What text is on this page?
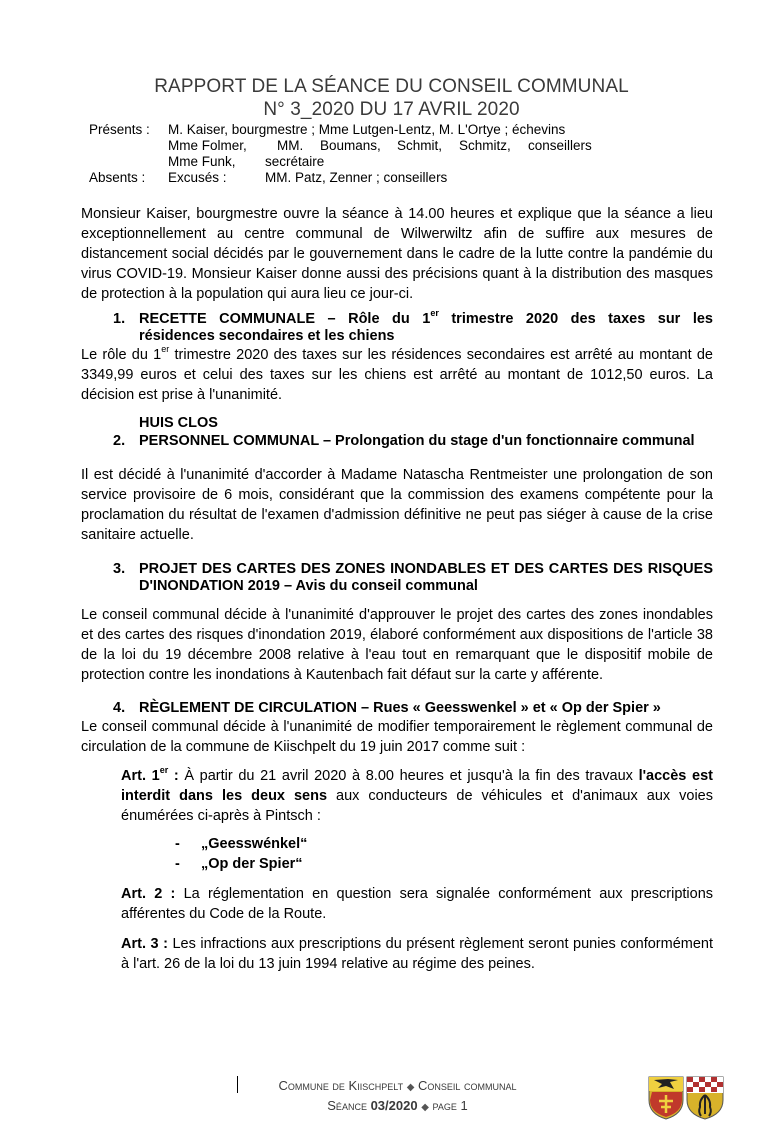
RAPPORT DE LA SÉANCE DU CONSEIL COMMUNAL
N° 3_2020 DU 17 AVRIL 2020
Présents : M. Kaiser, bourgmestre ; Mme Lutgen-Lentz, M. L'Ortye ; échevins
Mme Folmer, MM. Boumans, Schmit, Schmitz, conseillers
Mme Funk, secrétaire
Absents : Excusés :	MM. Patz, Zenner ; conseillers
Monsieur Kaiser, bourgmestre ouvre la séance à 14.00 heures et explique que la séance a lieu exceptionnellement au centre communal de Wilwerwiltz afin de suffire aux mesures de distancement social décidés par le gouvernement dans le cadre de la lutte contre la pandémie du virus COVID-19. Monsieur Kaiser donne aussi des précisions quant à la distribution des masques de protection à la population qui aura lieu ce jour-ci.
1. RECETTE COMMUNALE – Rôle du 1er trimestre 2020 des taxes sur les
résidences secondaires et les chiens
Le rôle du 1er trimestre 2020 des taxes sur les résidences secondaires est arrêté au montant de 3349,99 euros et celui des taxes sur les chiens est arrêté au montant de 1012,50 euros. La décision est prise à l'unanimité.
HUIS CLOS
2. PERSONNEL COMMUNAL – Prolongation du stage d'un fonctionnaire communal
Il est décidé à l'unanimité d'accorder à Madame Natascha Rentmeister une prolongation de son service provisoire de 6 mois, considérant que la commission des examens compétente pour la proclamation du résultat de l'examen d'admission définitive ne peut pas siéger à cause de la crise sanitaire actuelle.
3. PROJET DES CARTES DES ZONES INONDABLES ET DES CARTES DES RISQUES D'INONDATION 2019 – Avis du conseil communal
Le conseil communal décide à l'unanimité d'approuver le projet des cartes des zones inondables et des cartes des risques d'inondation 2019, élaboré conformément aux dispositions de l'article 38 de la loi du 19 décembre 2008 relative à l'eau tout en remarquant que le dispositif mobile de protection contre les inondations à Kautenbach fait défaut sur la carte y afférente.
4. RÈGLEMENT DE CIRCULATION – Rues « Geesswenkel » et « Op der Spier »
Le conseil communal décide à l'unanimité de modifier temporairement le règlement communal de circulation de la commune de Kiischpelt du 19 juin 2017 comme suit :
Art. 1er : À partir du 21 avril 2020 à 8.00 heures et jusqu'à la fin des travaux l'accès est interdit dans les deux sens aux conducteurs de véhicules et d'animaux aux voies énumérées ci-après à Pintsch :
- „Geesswénkel“
- „Op der Spier“
Art. 2 : La réglementation en question sera signalée conformément aux prescriptions afférentes du Code de la Route.
Art. 3 : Les infractions aux prescriptions du présent règlement seront punies conformément à l'art. 26 de la loi du 13 juin 1994 relative au régime des peines.
Commune de Kiischpelt ◆ Conseil communal
Séance 03/2020 ◆ page 1
